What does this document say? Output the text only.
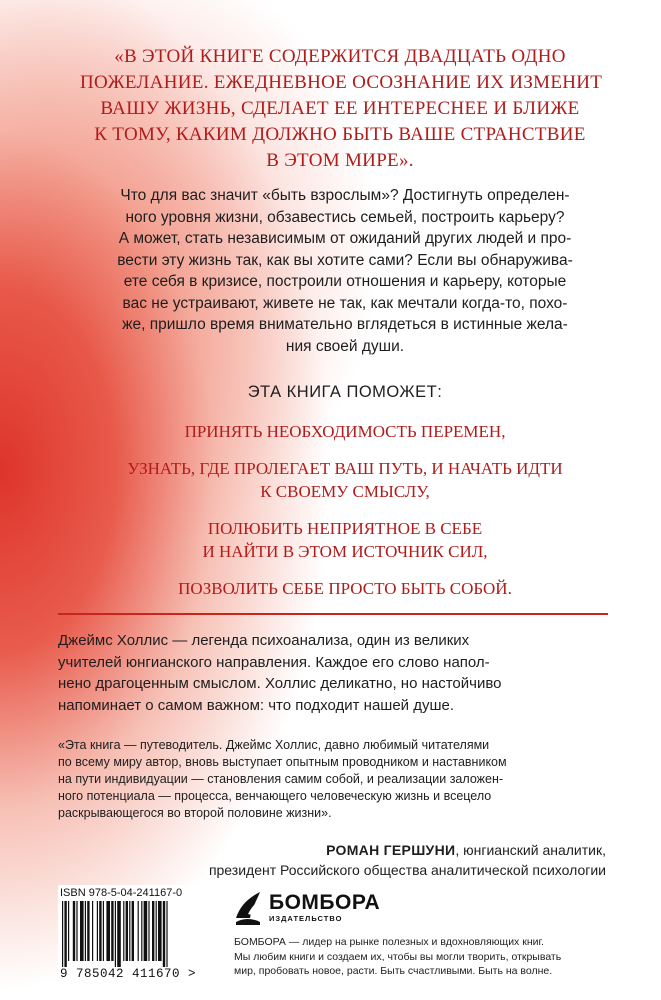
«В ЭТОЙ КНИГЕ СОДЕРЖИТСЯ ДВАДЦАТЬ ОДНО
ПОЖЕЛАНИЕ. ЕЖЕДНЕВНОЕ ОСОЗНАНИЕ ИХ ИЗМЕНИТ
ВАШУ ЖИЗНЬ, СДЕЛАЕТ ЕЕ ИНТЕРЕСНЕЕ И БЛИЖЕ
К ТОМУ, КАКИМ ДОЛЖНО БЫТЬ ВАШЕ СТРАНСТВИЕ
В ЭТОМ МИРЕ».
Что для вас значит «быть взрослым»? Достигнуть определен-
ного уровня жизни, обзавестись семьей, построить карьеру?
А может, стать независимым от ожиданий других людей и про-
вести эту жизнь так, как вы хотите сами? Если вы обнаружива-
ете себя в кризисе, построили отношения и карьеру, которые
вас не устраивают, живете не так, как мечтали когда-то, похо-
же, пришло время внимательно вглядеться в истинные жела-
ния своей души.
ЭТА КНИГА ПОМОЖЕТ:
ПРИНЯТЬ НЕОБХОДИМОСТЬ ПЕРЕМЕН,
УЗНАТЬ, ГДЕ ПРОЛЕГАЕТ ВАШ ПУТЬ, И НАЧАТЬ ИДТИ
К СВОЕМУ СМЫСЛУ,
ПОЛЮБИТЬ НЕПРИЯТНОЕ В СЕБЕ
И НАЙТИ В ЭТОМ ИСТОЧНИК СИЛ,
ПОЗВОЛИТЬ СЕБЕ ПРОСТО БЫТЬ СОБОЙ.
Джеймс Холлис — легенда психоанализа, один из великих
учителей юнгианского направления. Каждое его слово напол-
нено драгоценным смыслом. Холлис деликатно, но настойчиво
напоминает о самом важном: что подходит нашей душе.
«Эта книга — путеводитель. Джеймс Холлис, давно любимый читателями
по всему миру автор, вновь выступает опытным проводником и наставником
на пути индивидуации — становления самим собой, и реализации заложен-
ного потенциала — процесса, венчающего человеческую жизнь и всецело
раскрывающегося во второй половине жизни».
РОМАН ГЕРШУНИ, юнгианский аналитик,
президент Российского общества аналитической психологии
ISBN 978-5-04-241167-0
9 785042 411670 >
БОМБОРА
ИЗДАТЕЛЬСТВО
БОМБОРА — лидер на рынке полезных и вдохновляющих книг.
Мы любим книги и создаем их, чтобы вы могли творить, открывать
мир, пробовать новое, расти. Быть счастливыми. Быть на волне.
